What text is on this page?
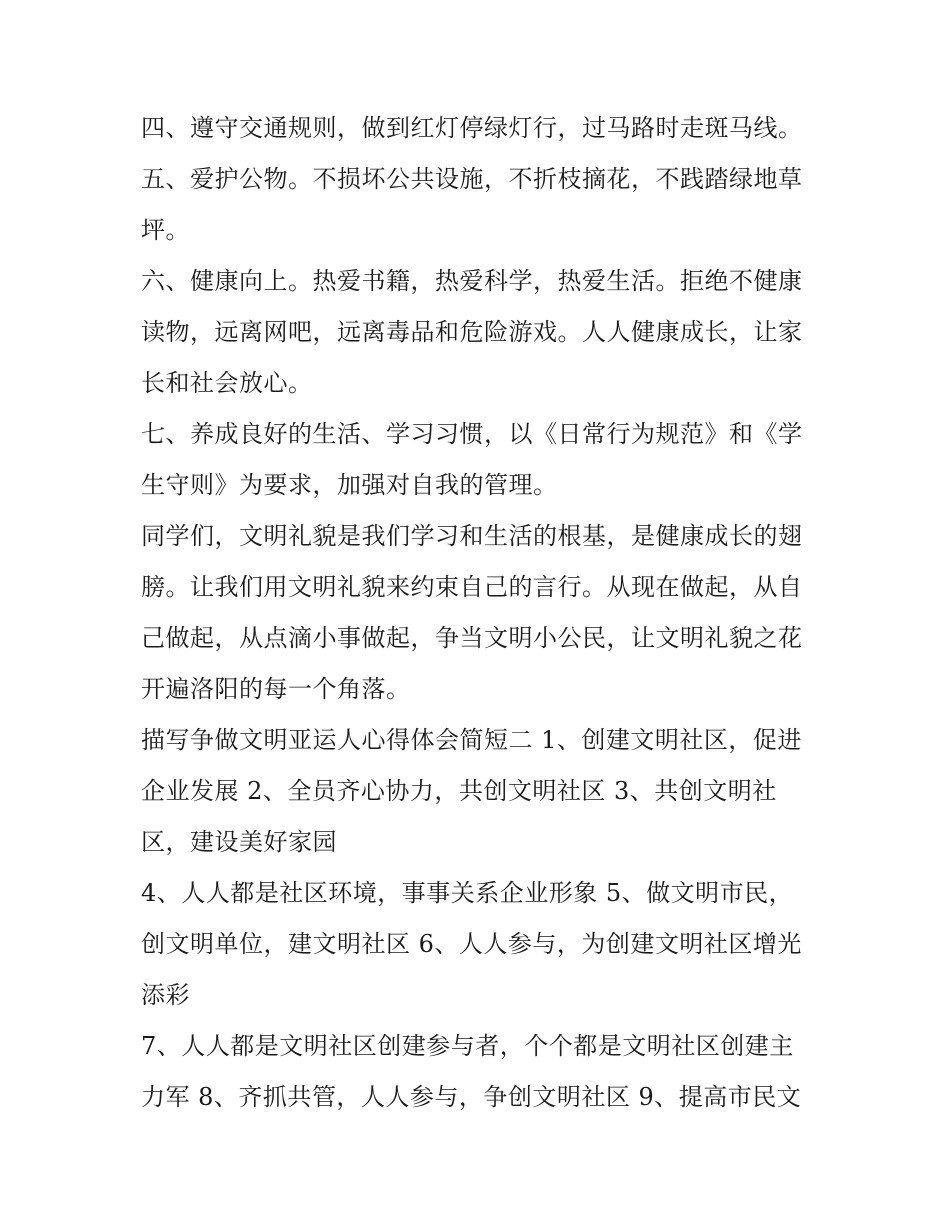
四、遵守交通规则，做到红灯停绿灯行，过马路时走斑马线。
五、爱护公物。不损坏公共设施，不折枝摘花，不践踏绿地草
坪。
六、健康向上。热爱书籍，热爱科学，热爱生活。拒绝不健康
读物，远离网吧，远离毒品和危险游戏。人人健康成长，让家
长和社会放心。
七、养成良好的生活、学习习惯，以《日常行为规范》和《学
生守则》为要求，加强对自我的管理。
同学们，文明礼貌是我们学习和生活的根基，是健康成长的翅
膀。让我们用文明礼貌来约束自己的言行。从现在做起，从自
己做起，从点滴小事做起，争当文明小公民，让文明礼貌之花
开遍洛阳的每一个角落。
描写争做文明亚运人心得体会简短二 1、创建文明社区，促进
企业发展 2、全员齐心协力，共创文明社区 3、共创文明社
区，建设美好家园
4、人人都是社区环境，事事关系企业形象 5、做文明市民，
创文明单位，建文明社区 6、人人参与，为创建文明社区增光
添彩
7、人人都是文明社区创建参与者，个个都是文明社区创建主
力军 8、齐抓共管，人人参与，争创文明社区 9、提高市民文
